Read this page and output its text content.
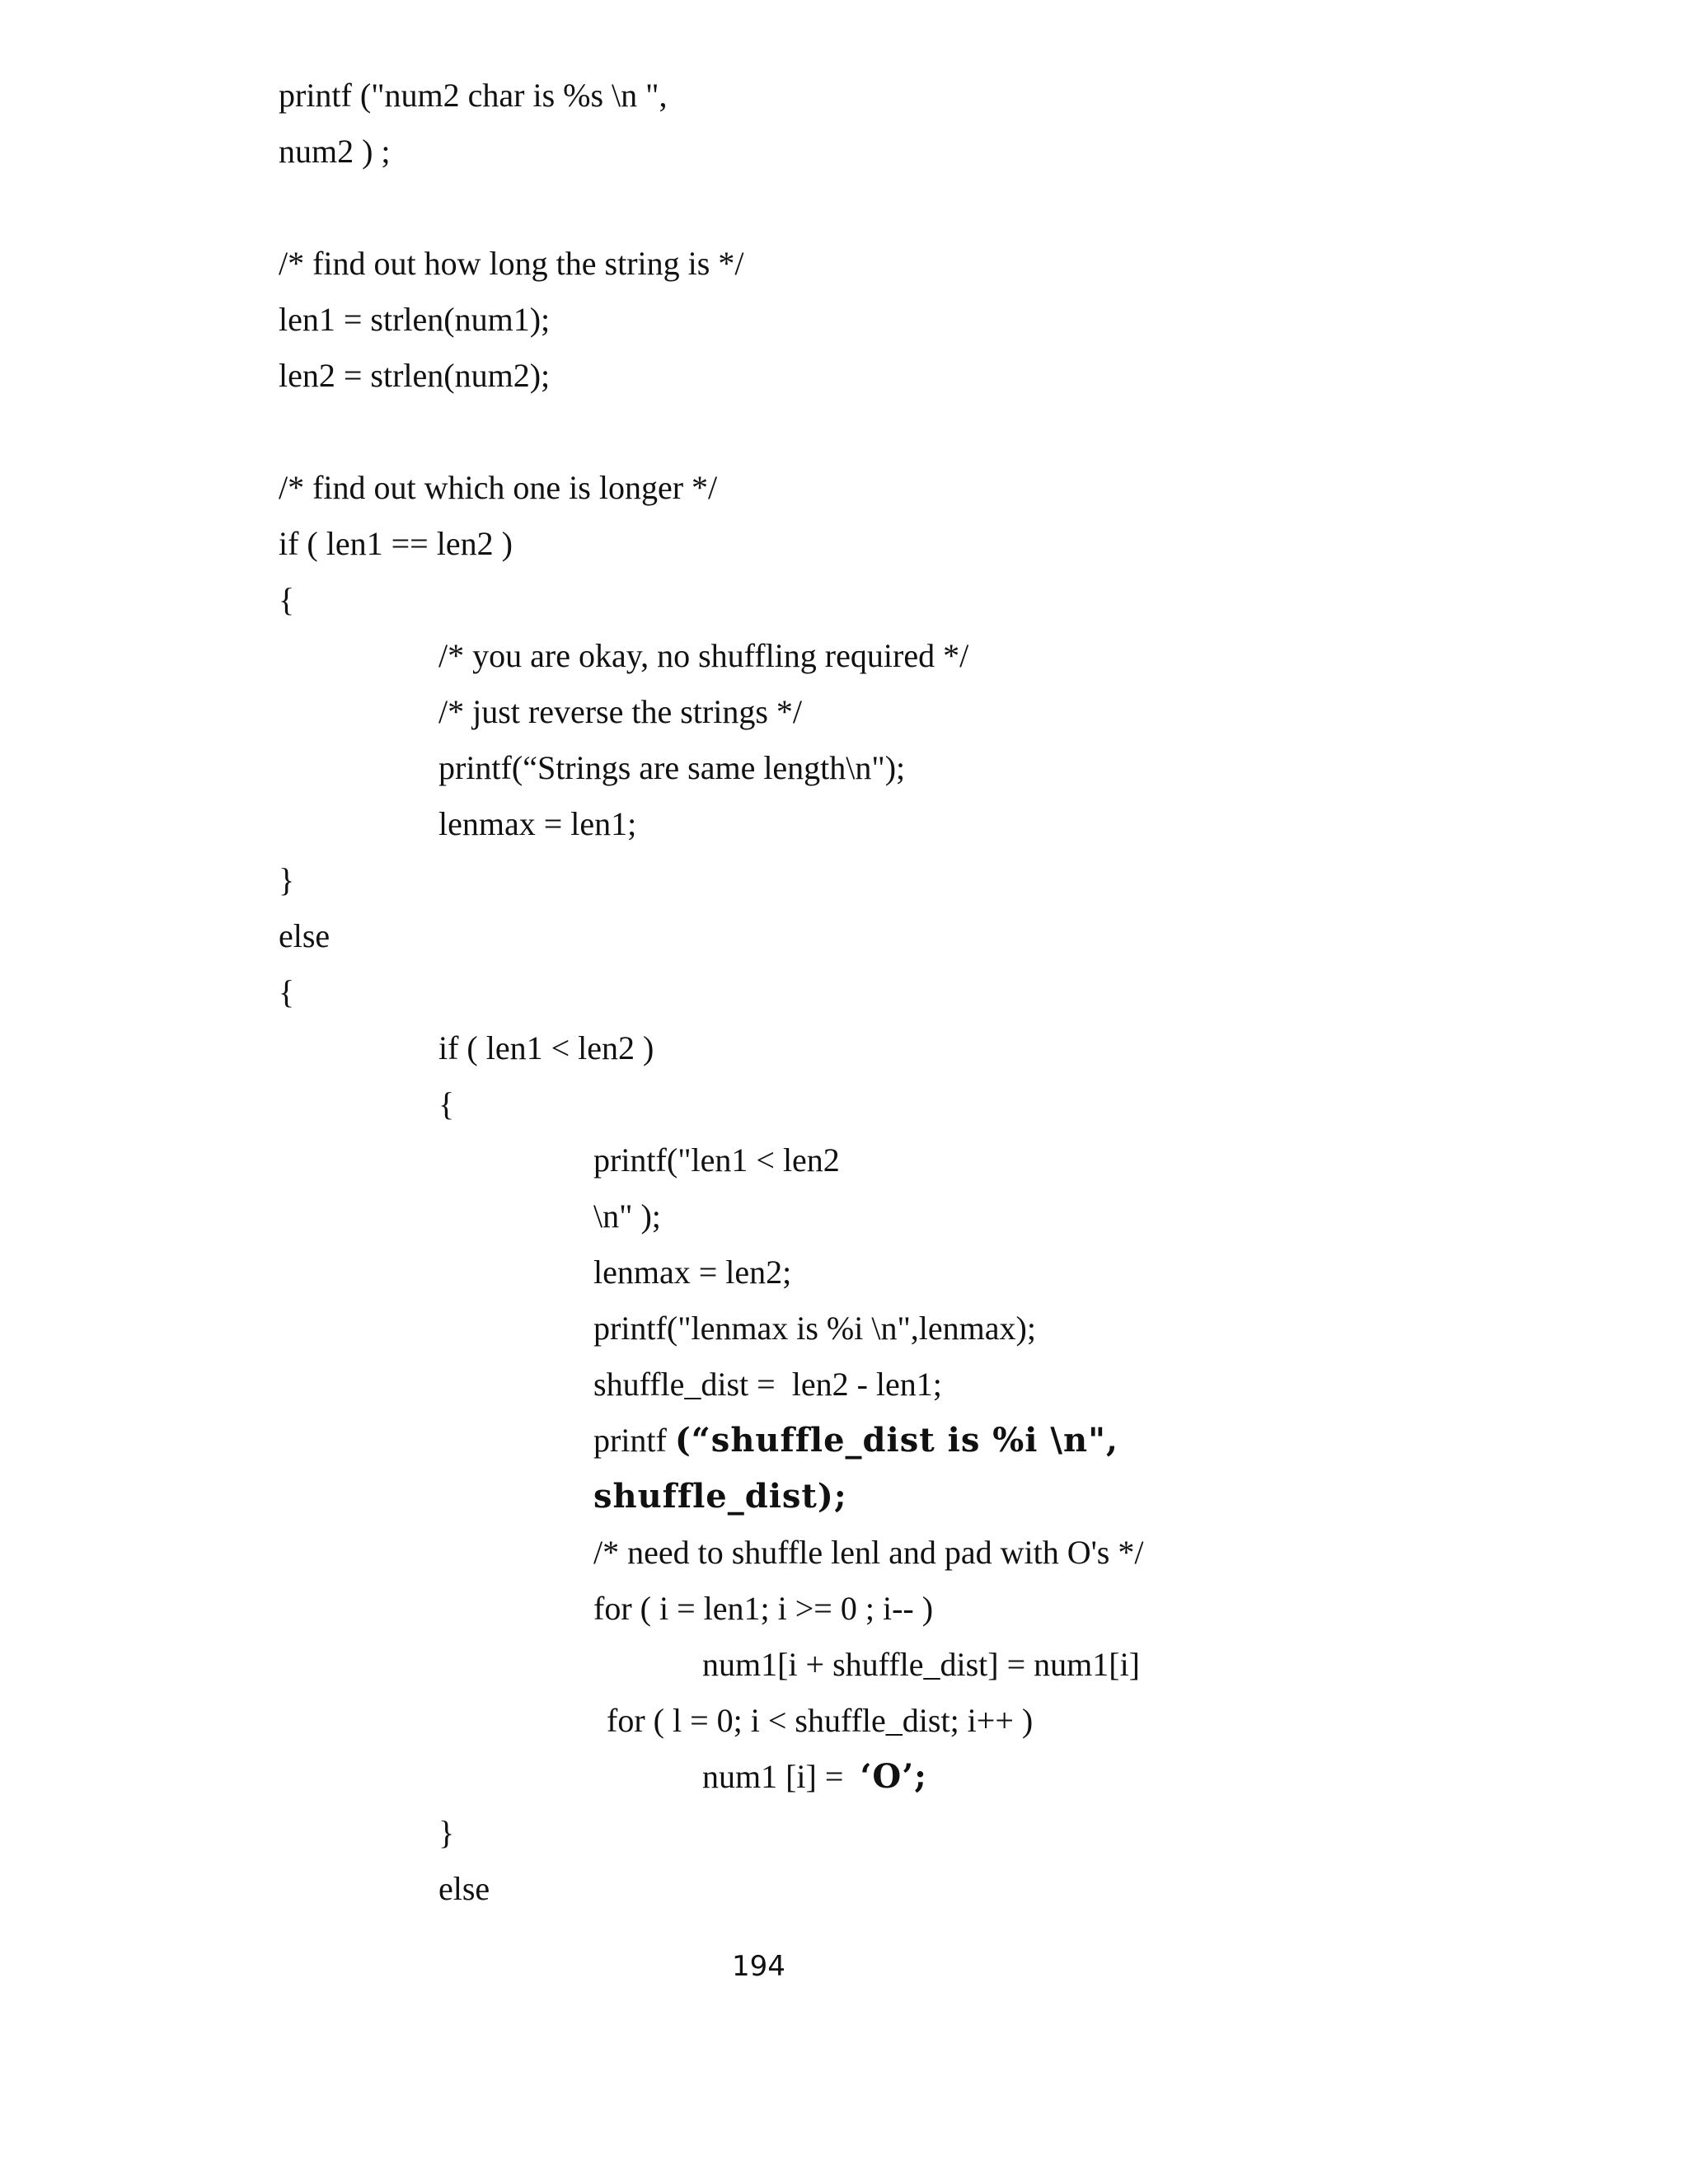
printf ("num2 char is %s \n ",
num2 ) ;
/* find out how long the string is */
len1 = strlen(num1);
len2 = strlen(num2);
/* find out which one is longer */
if ( len1 == len2 )
{
/* you are okay, no shuffling required */
/* just reverse the strings */
printf(“Strings are same length\n");
lenmax = len1;
}
else
{
if ( len1 < len2 )
{
printf("len1 < len2
\n" );
lenmax = len2;
printf("lenmax is %i \n",lenmax);
shuffle_dist =  len2 - len1;
printf (“shuffle_dist is %i \n",
shuffle_dist);
/* need to shuffle lenl and pad with O's */
for ( i = len1; i >= 0 ; i-- )
num1[i + shuffle_dist] = num1[i]
for ( l = 0; i < shuffle_dist; i++ )
num1 [i] =  ‘O’;
}
else
194
